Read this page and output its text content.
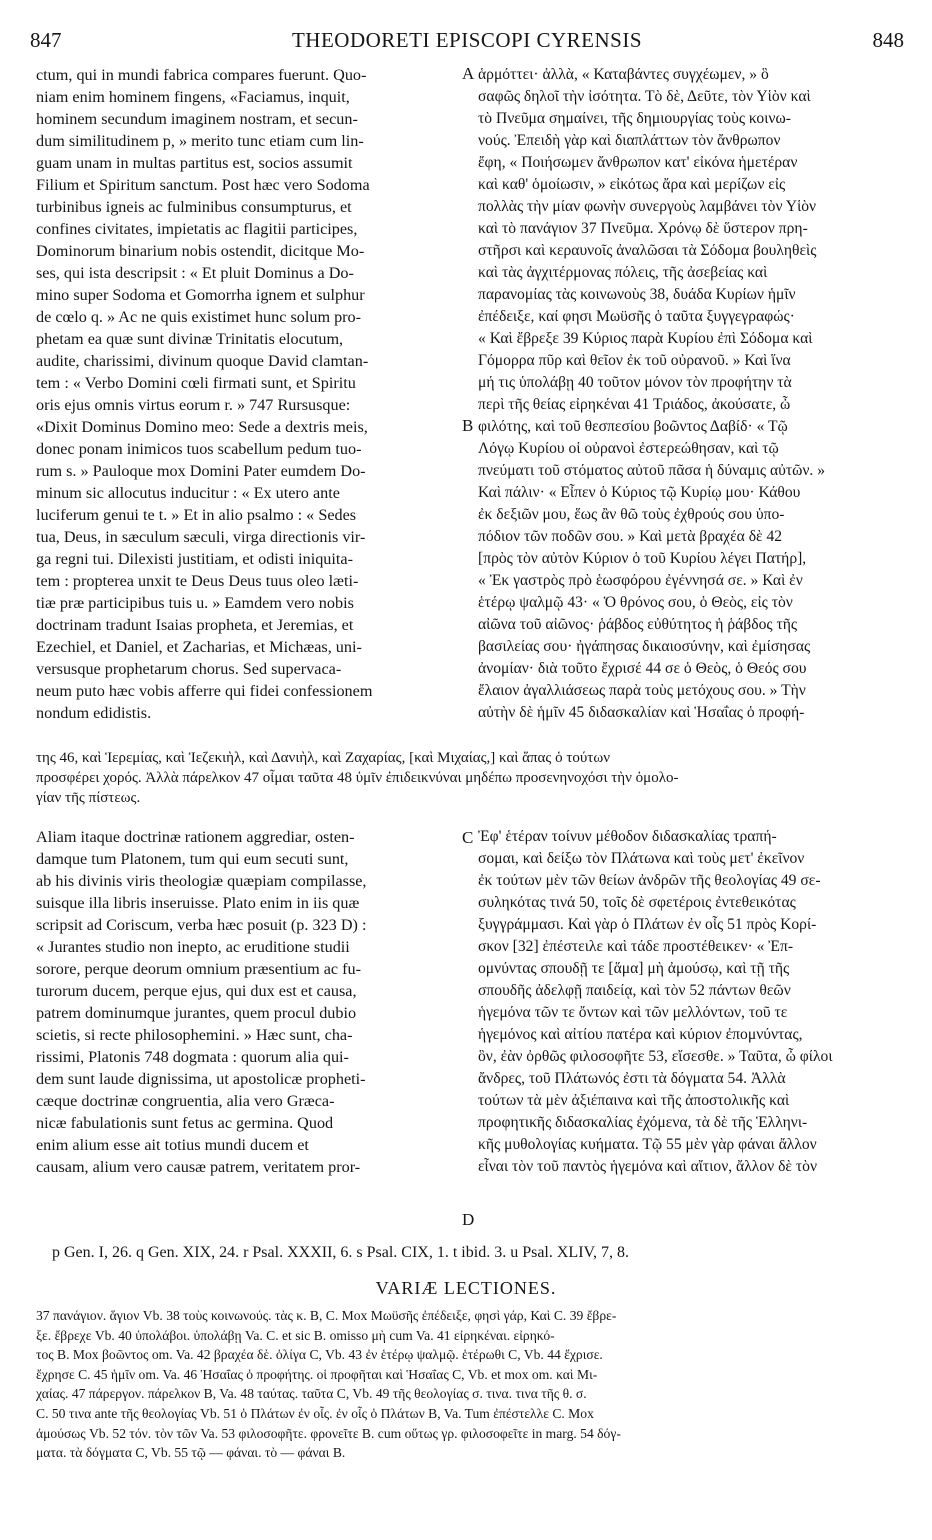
847	THEODORETI EPISCOPI CYRENSIS	848
A
B
C
D
ctum, qui in mundi fabrica compares fuerunt. Quo-
niam enim hominem fingens, «Faciamus, inquit,
hominem secundum imaginem nostram, et secun-
dum similitudinem p, » merito tunc etiam cum lin-
guam unam in multas partitus est, socios assumit
Filium et Spiritum sanctum. Post hæc vero Sodoma
turbinibus igneis ac fulminibus consumpturus, et
confines civitates, impietatis ac flagitii participes,
Dominorum binarium nobis ostendit, dicitque Mo-
ses, qui ista descripsit : « Et pluit Dominus a Do-
mino super Sodoma et Gomorrha ignem et sulphur
de cœlo q. » Ac ne quis existimet hunc solum pro-
phetam ea quæ sunt divinæ Trinitatis elocutum,
audite, charissimi, divinum quoque David clamtan-
tem : « Verbo Domini cœli firmati sunt, et Spiritu
oris ejus omnis virtus eorum r. » 747 Rursusque:
«Dixit Dominus Domino meo: Sede a dextris meis,
donec ponam inimicos tuos scabellum pedum tuo-
rum s. » Pauloque mox Domini Pater eumdem Do-
minum sic allocutus inducitur : « Ex utero ante
luciferum genui te t. » Et in alio psalmo : « Sedes
tua, Deus, in sæculum sæculi, virga directionis vir-
ga regni tui. Dilexisti justitiam, et odisti iniquita-
tem : propterea unxit te Deus Deus tuus oleo læti-
tiæ præ participibus tuis u. » Eamdem vero nobis
doctrinam tradunt Isaias propheta, et Jeremias, et
Ezechiel, et Daniel, et Zacharias, et Michæas, uni-
versusque prophetarum chorus. Sed supervaca-
neum puto hæc vobis afferre qui fidei confessionem
nondum edidistis.
ἁρμόττει· ἀλλὰ, « Καταβάντες συγχέωμεν, » ὃ
σαφῶς δηλοῖ τὴν ἰσότητα. Τὸ δὲ, Δεῦτε, τὸν Υἱὸν καὶ
τὸ Πνεῦμα σημαίνει, τῆς δημιουργίας τοὺς κοινω-
νούς. Ἐπειδὴ γὰρ καὶ διαπλάττων τὸν ἄνθρωπον
ἔφη, « Ποιήσωμεν ἄνθρωπον κατ' εἰκόνα ἡμετέραν
καὶ καθ' ὁμοίωσιν, » εἰκότως ἄρα καὶ μερίζων εἰς
πολλὰς τὴν μίαν φωνὴν συνεργοὺς λαμβάνει τὸν Υἱὸν
καὶ τὸ πανάγιον 37 Πνεῦμα. Χρόνῳ δὲ ὕστερον πρη-
στῆρσι καὶ κεραυνοῖς ἀναλῶσαι τὰ Σόδομα βουληθεὶς
καὶ τὰς ἀγχιτέρμονας πόλεις, τῆς ἀσεβείας καὶ
παρανομίας τὰς κοινωνοὺς 38, δυάδα Κυρίων ἡμῖν
ἐπέδειξε, καί φησι Μωϋσῆς ὁ ταῦτα ξυγγεγραφώς·
« Καὶ ἔβρεξε 39 Κύριος παρὰ Κυρίου ἐπὶ Σόδομα καὶ
Γόμορρα πῦρ καὶ θεῖον ἐκ τοῦ οὐρανοῦ. » Καὶ ἵνα
μή τις ὑπολάβῃ 40 τοῦτον μόνον τὸν προφήτην τὰ
περὶ τῆς θείας εἰρηκέναι 41 Τριάδος, ἀκούσατε, ὦ
φιλότης, καὶ τοῦ θεσπεσίου βοῶντος Δαβίδ· « Τῷ
Λόγῳ Κυρίου οἱ οὐρανοὶ ἐστερεώθησαν, καὶ τῷ
πνεύματι τοῦ στόματος αὐτοῦ πᾶσα ἡ δύναμις αὐτῶν. »
Καὶ πάλιν· « Εἶπεν ὁ Κύριος τῷ Κυρίῳ μου· Κάθου
ἐκ δεξιῶν μου, ἕως ἂν θῶ τοὺς ἐχθρούς σου ὑπο-
πόδιον τῶν ποδῶν σου. » Καὶ μετὰ βραχέα δὲ 42
[πρὸς τὸν αὐτὸν Κύριον ὁ τοῦ Κυρίου λέγει Πατήρ],
« Ἐκ γαστρὸς πρὸ ἑωσφόρου ἐγέννησά σε. » Καὶ ἐν
ἑτέρῳ ψαλμῷ 43· « Ὁ θρόνος σου, ὁ Θεὸς, εἰς τὸν
αἰῶνα τοῦ αἰῶνος· ῥάβδος εὐθύτητος ἡ ῥάβδος τῆς
βασιλείας σου· ἠγάπησας δικαιοσύνην, καὶ ἐμίσησας
ἀνομίαν· διὰ τοῦτο ἔχρισέ 44 σε ὁ Θεὸς, ὁ Θεός σου
ἔλαιον ἀγαλλιάσεως παρὰ τοὺς μετόχους σου. » Τὴν
αὐτὴν δὲ ἡμῖν 45 διδασκαλίαν καὶ Ἡσαΐας ὁ προφή-
της 46, καὶ Ἱερεμίας, καὶ Ἰεζεκιὴλ, καὶ Δανιὴλ, καὶ Ζαχαρίας, [καὶ Μιχαίας,] καὶ ἅπας ὁ τούτων
προσφέρει χορός. Ἀλλὰ πάρελκον 47 οἶμαι ταῦτα 48 ὑμῖν ἐπιδεικνύναι μηδέπω προσενηνοχόσι τὴν ὁμολο-
γίαν τῆς πίστεως.
Aliam itaque doctrinæ rationem aggrediar, osten-
damque tum Platonem, tum qui eum secuti sunt,
ab his divinis viris theologiæ quæpiam compilasse,
suisque illa libris inseruisse. Plato enim in iis quæ
scripsit ad Coriscum, verba hæc posuit (p. 323 D) :
« Jurantes studio non inepto, ac eruditione studii
sorore, perque deorum omnium præsentium ac fu-
turorum ducem, perque ejus, qui dux est et causa,
patrem dominumque jurantes, quem procul dubio
scietis, si recte philosophemini. » Hæc sunt, cha-
rissimi, Platonis 748 dogmata : quorum alia qui-
dem sunt laude dignissima, ut apostolicæ propheti-
cæque doctrinæ congruentia, alia vero Græca-
nicæ fabulationis sunt fetus ac germina. Quod
enim alium esse ait totius mundi ducem et
causam, alium vero causæ patrem, veritatem pror-
Ἐφ' ἑτέραν τοίνυν μέθοδον διδασκαλίας τραπή-
σομαι, καὶ δείξω τὸν Πλάτωνα καὶ τοὺς μετ' ἐκεῖνον
ἐκ τούτων μὲν τῶν θείων ἀνδρῶν τῆς θεολογίας 49 σε-
συληκότας τινά 50, τοῖς δὲ σφετέροις ἐντεθεικότας
ξυγγράμμασι. Καὶ γὰρ ὁ Πλάτων ἐν οἷς 51 πρὸς Κορί-
σκον [32] ἐπέστειλε καὶ τάδε προστέθεικεν· « Ἐπ-
ομνύντας σπουδῇ τε [ἅμα] μὴ ἀμούσῳ, καὶ τῇ τῆς
σπουδῆς ἀδελφῇ παιδείᾳ, καὶ τὸν 52 πάντων θεῶν
ἡγεμόνα τῶν τε ὄντων καὶ τῶν μελλόντων, τοῦ τε
ἡγεμόνος καὶ αἰτίου πατέρα καὶ κύριον ἐπομνύντας,
ὃν, ἐὰν ὀρθῶς φιλοσοφῆτε 53, εἴσεσθε. » Ταῦτα, ὦ φίλοι
ἄνδρες, τοῦ Πλάτωνός ἐστι τὰ δόγματα 54. Ἀλλὰ
τούτων τὰ μὲν ἀξιέπαινα καὶ τῆς ἀποστολικῆς καὶ
προφητικῆς διδασκαλίας ἐχόμενα, τὰ δὲ τῆς Ἑλληνι-
κῆς μυθολογίας κυήματα. Τῷ 55 μὲν γὰρ φάναι ἄλλον
εἶναι τὸν τοῦ παντὸς ἡγεμόνα καὶ αἴτιον, ἄλλον δὲ τὸν
p Gen. I, 26. q Gen. XIX, 24. r Psal. XXXII, 6. s Psal. CIX, 1. t ibid. 3. u Psal. XLIV, 7, 8.
VARIÆ LECTIONES.
37 πανάγιον. ἅγιον Vb. 38 τοὺς κοινωνούς. τὰς κ. B, C. Mox Μωϋσῆς ἐπέδειξε, φησὶ γάρ, Καὶ C. 39 ἔβρε-
ξε. ἔβρεχε Vb. 40 ὑπολάβοι. ὑπολάβῃ Va. C. et sic B. omisso μὴ cum Va. 41 εἰρηκέναι. εἰρηκό-
τος B. Mox βοῶντος om. Va. 42 βραχέα δὲ. ὀλίγα C, Vb. 43 ἐν ἑτέρῳ ψαλμῷ. ἑτέρωθι C, Vb. 44 ἔχρισε.
ἔχρησε C. 45 ἡμῖν om. Va. 46 Ἡσαΐας ὁ προφήτης. οἱ προφῆται καὶ Ἡσαΐας C, Vb. et mox om. καὶ Mι-
χαίας. 47 πάρεργον. πάρελκον B, Va. 48 ταύτας. ταῦτα C, Vb. 49 τῆς θεολογίας σ. τινα. τινα τῆς θ. σ.
C. 50 τινα ante τῆς θεολογίας Vb. 51 ὁ Πλάτων ἐν οἷς. ἐν οἷς ὁ Πλάτων B, Va. Tum ἐπέστελλε C. Mox
ἀμούσως Vb. 52 τόν. τὸν τῶν Va. 53 φιλοσοφῆτε. φρονεῖτε B. cum οὕτως γρ. φιλοσοφεῖτε in marg. 54 δόγ-
ματα. τὰ δόγματα C, Vb. 55 τῷ — φάναι. τὸ — φάναι B.
